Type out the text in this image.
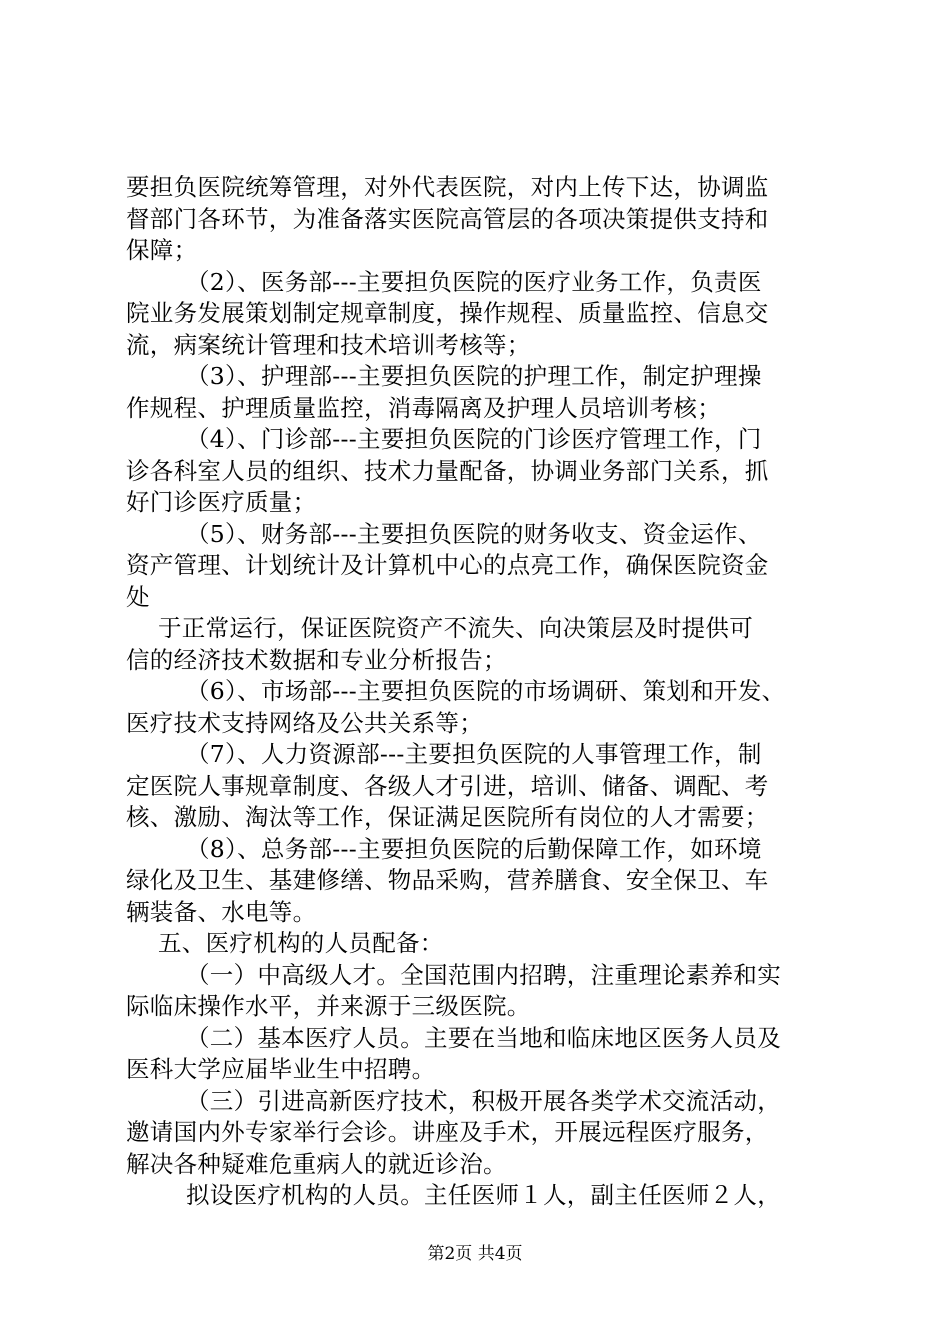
要担负医院统筹管理，对外代表医院，对内上传下达，协调监
督部门各环节，为准备落实医院高管层的各项决策提供支持和
保障；
（2）、医务部---主要担负医院的医疗业务工作，负责医
院业务发展策划制定规章制度，操作规程、质量监控、信息交
流，病案统计管理和技术培训考核等；
（3）、护理部---主要担负医院的护理工作，制定护理操
作规程、护理质量监控，消毒隔离及护理人员培训考核；
（4）、门诊部---主要担负医院的门诊医疗管理工作，门
诊各科室人员的组织、技术力量配备，协调业务部门关系，抓
好门诊医疗质量；
（5）、财务部---主要担负医院的财务收支、资金运作、
资产管理、计划统计及计算机中心的点亮工作，确保医院资金
处
于正常运行，保证医院资产不流失、向决策层及时提供可
信的经济技术数据和专业分析报告；
（6）、市场部---主要担负医院的市场调研、策划和开发、
医疗技术支持网络及公共关系等；
（7）、人力资源部---主要担负医院的人事管理工作，制
定医院人事规章制度、各级人才引进，培训、储备、调配、考
核、激励、淘汰等工作，保证满足医院所有岗位的人才需要；
（8）、总务部---主要担负医院的后勤保障工作，如环境
绿化及卫生、基建修缮、物品采购，营养膳食、安全保卫、车
辆装备、水电等。
五、医疗机构的人员配备：
（一）中高级人才。全国范围内招聘，注重理论素养和实
际临床操作水平，并来源于三级医院。
（二）基本医疗人员。主要在当地和临床地区医务人员及
医科大学应届毕业生中招聘。
（三）引进高新医疗技术，积极开展各类学术交流活动，
邀请国内外专家举行会诊。讲座及手术，开展远程医疗服务，
解决各种疑难危重病人的就近诊治。
拟设医疗机构的人员。主任医师１人，副主任医师２人，
第2页 共4页
